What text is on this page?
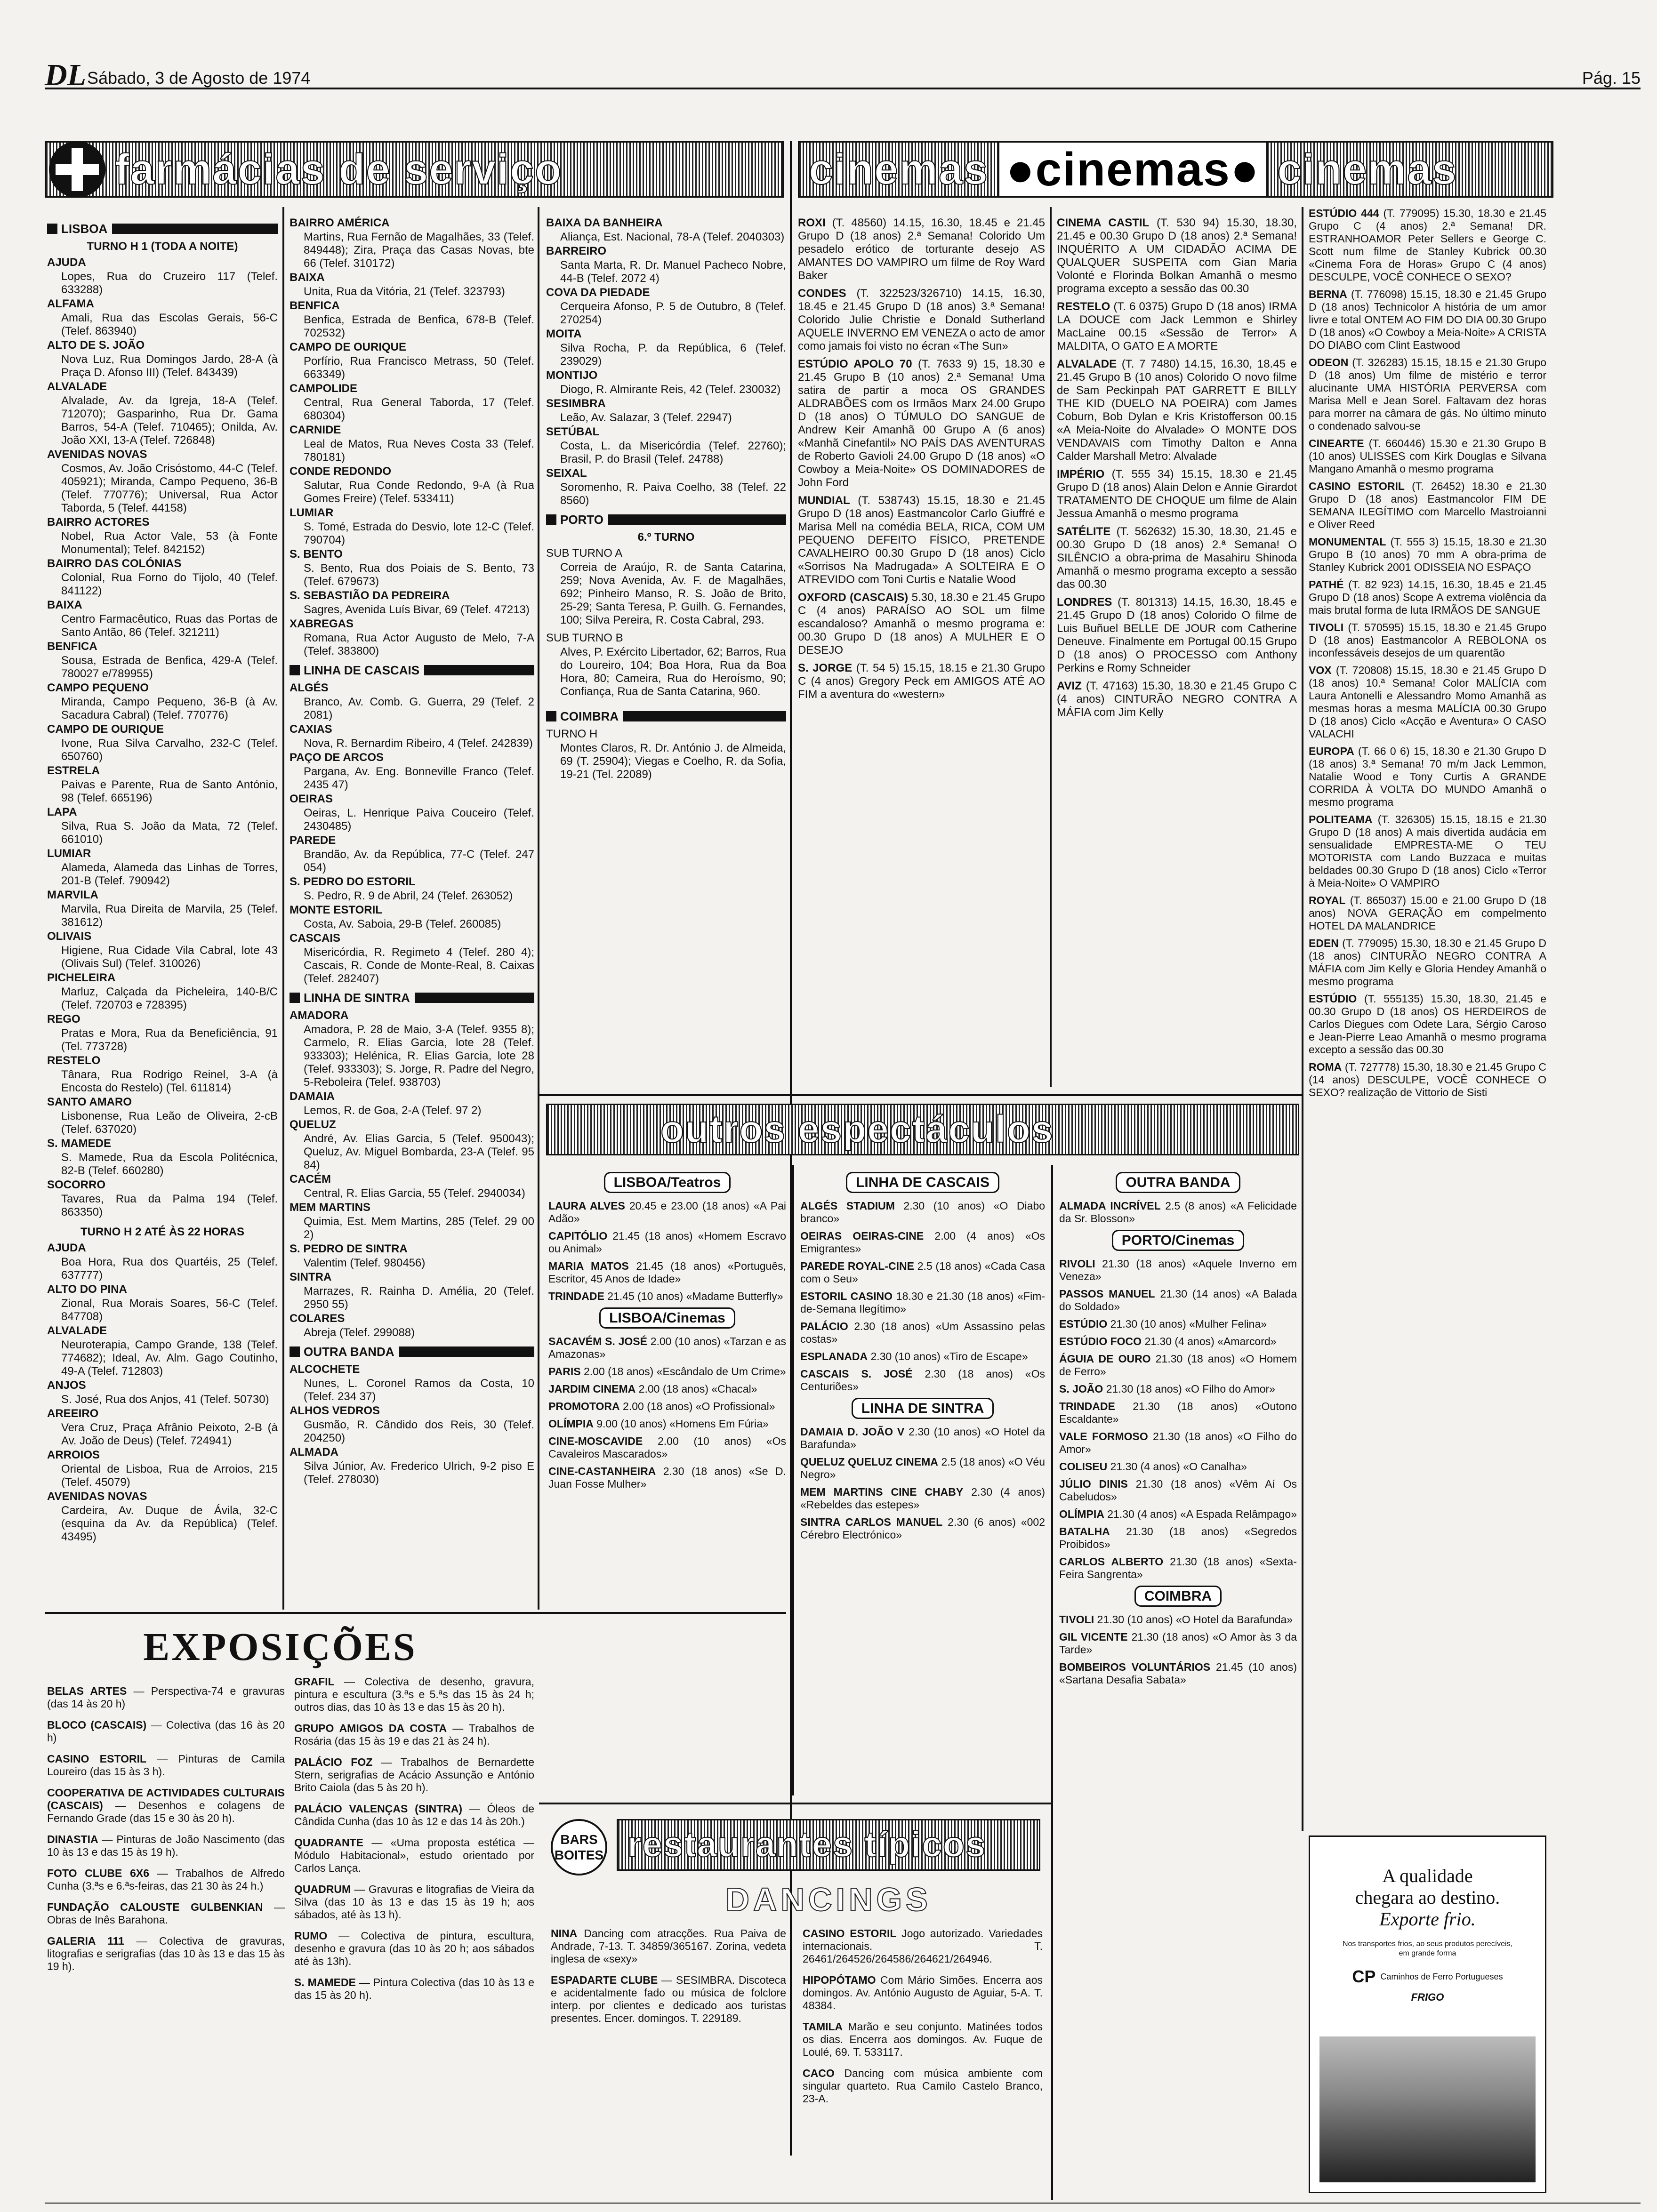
DL Sábado, 3 de Agosto de 1974	Pág. 15
farmácias de serviço	cinemas ●cinemas● cinemas
LISBOA
TURNO H 1 (TODA A NOITE)

AJUDA

Lopes, Rua do Cruzeiro 117 (Telef. 633288)

ALFAMA

Amali, Rua das Escolas Gerais, 56-C (Telef. 863940)

ALTO DE S. JOÃO

Nova Luz, Rua Domingos Jardo, 28-A (à Praça D. Afonso III) (Telef. 843439)

ALVALADE

Alvalade, Av. da Igreja, 18-A (Telef. 712070); Gasparinho, Rua Dr. Gama Barros, 54-A (Telef. 710465); Onilda, Av. João XXI, 13-A (Telef. 726848)

AVENIDAS NOVAS

Cosmos, Av. João Crisóstomo, 44-C (Telef. 405921); Miranda, Campo Pequeno, 36-B (Telef. 770776); Universal, Rua Actor Taborda, 5 (Telef. 44158)

BAIRRO ACTORES

Nobel, Rua Actor Vale, 53 (à Fonte Monumental); Telef. 842152)

BAIRRO DAS COLÓNIAS

Colonial, Rua Forno do Tijolo, 40 (Telef. 841122)

BAIXA

Centro Farmacêutico, Ruas das Portas de Santo Antão, 86 (Telef. 321211)

BENFICA

Sousa, Estrada de Benfica, 429-A (Telef. 780027 e/789955)

CAMPO PEQUENO

Miranda, Campo Pequeno, 36-B (à Av. Sacadura Cabral) (Telef. 770776)

CAMPO DE OURIQUE

Ivone, Rua Silva Carvalho, 232-C (Telef. 650760)

ESTRELA

Paivas e Parente, Rua de Santo António, 98 (Telef. 665196)

LAPA

Silva, Rua S. João da Mata, 72 (Telef. 661010)

LUMIAR

Alameda, Alameda das Linhas de Torres, 201-B (Telef. 790942)

MARVILA

Marvila, Rua Direita de Marvila, 25 (Telef. 381612)

OLIVAIS

Higiene, Rua Cidade Vila Cabral, lote 43 (Olivais Sul) (Telef. 310026)

PICHELEIRA

Marluz, Calçada da Picheleira, 140-B/C (Telef. 720703 e 728395)

REGO

Pratas e Mora, Rua da Beneficiência, 91 (Tel. 773728)

RESTELO

Tânara, Rua Rodrigo Reinel, 3-A (à Encosta do Restelo) (Tel. 611814)

SANTO AMARO

Lisbonense, Rua Leão de Oliveira, 2-cB (Telef. 637020)

S. MAMEDE

S. Mamede, Rua da Escola Politécnica, 82-B (Telef. 660280)

SOCORRO

Tavares, Rua da Palma 194 (Telef. 863350)

TURNO H 2 ATÉ ÀS 22 HORAS

AJUDA

Boa Hora, Rua dos Quartéis, 25 (Telef. 637777)

ALTO DO PINA

Zional, Rua Morais Soares, 56-C (Telef. 847708)

ALVALADE

Neuroterapia, Campo Grande, 138 (Telef. 774682); Ideal, Av. Alm. Gago Coutinho, 49-A (Telef. 712803)

ANJOS

S. José, Rua dos Anjos, 41 (Telef. 50730)

AREEIRO

Vera Cruz, Praça Afrânio Peixoto, 2-B (à Av. João de Deus) (Telef. 724941)

ARROIOS

Oriental de Lisboa, Rua de Arroios, 215 (Telef. 45079)

AVENIDAS NOVAS

Cardeira, Av. Duque de Ávila, 32-C (esquina da Av. da República) (Telef. 43495)

BAIRRO AMÉRICA

Martins, Rua Fernão de Magalhães, 33 (Telef. 849448); Zira, Praça das Casas Novas, bte 66 (Telef. 310172)

BAIXA

Unita, Rua da Vitória, 21 (Telef. 323793)

BENFICA

Benfica, Estrada de Benfica, 678-B (Telef. 702532)

CAMPO DE OURIQUE

Porfírio, Rua Francisco Metrass, 50 (Telef. 663349)

CAMPOLIDE

Central, Rua General Taborda, 17 (Telef. 680304)

CARNIDE

Leal de Matos, Rua Neves Costa 33 (Telef. 780181)

CONDE REDONDO

Salutar, Rua Conde Redondo, 9-A (à Rua Gomes Freire) (Telef. 533411)

LUMIAR

S. Tomé, Estrada do Desvio, lote 12-C (Telef. 790704)

S. BENTO

S. Bento, Rua dos Poiais de S. Bento, 73 (Telef. 679673)

S. SEBASTIÃO DA PEDREIRA

Sagres, Avenida Luís Bivar, 69 (Telef. 47213)

XABREGAS

Romana, Rua Actor Augusto de Melo, 7-A (Telef. 383800)

LINHA DE CASCAIS

ALGÉS

Branco, Av. Comb. G. Guerra, 29 (Telef. 2 2081)

CAXIAS

Nova, R. Bernardim Ribeiro, 4 (Telef. 242839)

PAÇO DE ARCOS

Pargana, Av. Eng. Bonneville Franco (Telef. 2435 47)

OEIRAS

Oeiras, L. Henrique Paiva Couceiro (Telef. 2430485)

PAREDE

Brandão, Av. da República, 77-C (Telef. 247 054)

S. PEDRO DO ESTORIL

S. Pedro, R. 9 de Abril, 24 (Telef. 263052)

MONTE ESTORIL

Costa, Av. Saboia, 29-B (Telef. 260085)

CASCAIS

Misericórdia, R. Regimeto 4 (Telef. 280 4); Cascais, R. Conde de Monte-Real, 8. Caixas (Telef. 282407)

LINHA DE SINTRA

AMADORA

Amadora, P. 28 de Maio, 3-A (Telef. 9355 8); Carmelo, R. Elias Garcia, lote 28 (Telef. 933303); Helénica, R. Elias Garcia, lote 28 (Telef. 933303); S. Jorge, R. Padre del Negro, 5-Reboleira (Telef. 938703)

DAMAIA

Lemos, R. de Goa, 2-A (Telef. 97 2)

QUELUZ

André, Av. Elias Garcia, 5 (Telef. 950043); Queluz, Av. Miguel Bombarda, 23-A (Telef. 95 84)

CACÉM

Central, R. Elias Garcia, 55 (Telef. 2940034)

MEM MARTINS

Quimia, Est. Mem Martins, 285 (Telef. 29 00 2)

S. PEDRO DE SINTRA

Valentim (Telef. 980456)

SINTRA

Marrazes, R. Rainha D. Amélia, 20 (Telef. 2950 55)

COLARES

Abreja (Telef. 299088)

OUTRA BANDA

ALCOCHETE

Nunes, L. Coronel Ramos da Costa, 10 (Telef. 234 37)

ALHOS VEDROS

Gusmão, R. Cândido dos Reis, 30 (Telef. 204250)

ALMADA

Silva Júnior, Av. Frederico Ulrich, 9-2 piso E (Telef. 278030)

BAIXA DA BANHEIRA

Aliança, Est. Nacional, 78-A (Telef. 2040303)

BARREIRO

Santa Marta, R. Dr. Manuel Pacheco Nobre, 44-B (Telef. 2072 4)

COVA DA PIEDADE

Cerqueira Afonso, P. 5 de Outubro, 8 (Telef. 270254)

MOITA

Silva Rocha, P. da República, 6 (Telef. 239029)

MONTIJO

Diogo, R. Almirante Reis, 42 (Telef. 230032)

SESIMBRA

Leão, Av. Salazar, 3 (Telef. 22947)

SETÚBAL

Costa, L. da Misericórdia (Telef. 22760); Brasil, P. do Brasil (Telef. 24788)

SEIXAL

Soromenho, R. Paiva Coelho, 38 (Telef. 22 8560)

PORTO
6.º TURNO

SUB TURNO A

Correia de Araújo, R. de Santa Catarina, 259; Nova Avenida, Av. F. de Magalhães, 692; Pinheiro Manso, R. S. João de Brito, 25-29; Santa Teresa, P. Guilh. G. Fernandes, 100; Silva Pereira, R. Costa Cabral, 293.

SUB TURNO B

Alves, P. Exército Libertador, 62; Barros, Rua do Loureiro, 104; Boa Hora, Rua da Boa Hora, 80; Cameira, Rua do Heroísmo, 90; Confiança, Rua de Santa Catarina, 960.

COIMBRA

TURNO H

Montes Claros, R. Dr. António J. de Almeida, 69 (T. 25904); Viegas e Coelho, R. da Sofia, 19-21 (Tel. 22089)

ROXI (T. 48560) 14.15, 16.30, 18.45 e 21.45 Grupo D (18 anos) 2.ª Semana! Colorido Um pesadelo erótico de torturante desejo AS AMANTES DO VAMPIRO um filme de Roy Ward Baker

CONDES (T. 322523/326710) 14.15, 16.30, 18.45 e 21.45 Grupo D (18 anos) 3.ª Semana! Colorido Julie Christie e Donald Sutherland AQUELE INVERNO EM VENEZA o acto de amor como jamais foi visto no écran «The Sun»

ESTÚDIO APOLO 70 (T. 7633 9) 15, 18.30 e 21.45 Grupo B (10 anos) 2.ª Semana! Uma satira de partir a moca OS GRANDES ALDRABÕES com os Irmãos Marx 24.00 Grupo D (18 anos) O TÚMULO DO SANGUE de Andrew Keir Amanhã 00 Grupo A (6 anos) «Manhã Cinefantil» NO PAÍS DAS AVENTURAS de Roberto Gavioli 24.00 Grupo D (18 anos) «O Cowboy a Meia-Noite» OS DOMINADORES de John Ford

MUNDIAL (T. 538743) 15.15, 18.30 e 21.45 Grupo D (18 anos) Eastmancolor Carlo Giuffré e Marisa Mell na comédia BELA, RICA, COM UM PEQUENO DEFEITO FÍSICO, PRETENDE CAVALHEIRO 00.30 Grupo D (18 anos) Ciclo «Sorrisos Na Madrugada» A SOLTEIRA E O ATREVIDO com Toni Curtis e Natalie Wood

OXFORD (CASCAIS) 5.30, 18.30 e 21.45 Grupo C (4 anos) PARAÍSO AO SOL um filme escandaloso? Amanhã o mesmo programa e: 00.30 Grupo D (18 anos) A MULHER E O DESEJO

S. JORGE (T. 54 5) 15.15, 18.15 e 21.30 Grupo C (4 anos) Gregory Peck em AMIGOS ATÉ AO FIM a aventura do «western»

CINEMA CASTIL (T. 530 94) 15.30, 18.30, 21.45 e 00.30 Grupo D (18 anos) 2.ª Semana! INQUÉRITO A UM CIDADÃO ACIMA DE QUALQUER SUSPEITA com Gian Maria Volonté e Florinda Bolkan Amanhã o mesmo programa excepto a sessão das 00.30

RESTELO (T. 6 0375) Grupo D (18 anos) IRMA LA DOUCE com Jack Lemmon e Shirley MacLaine 00.15 «Sessão de Terror» A MALDITA, O GATO E A MORTE

ALVALADE (T. 7 7480) 14.15, 16.30, 18.45 e 21.45 Grupo B (10 anos) Colorido O novo filme de Sam Peckinpah PAT GARRETT E BILLY THE KID (DUELO NA POEIRA) com James Coburn, Bob Dylan e Kris Kristofferson 00.15 «A Meia-Noite do Alvalade» O MONTE DOS VENDAVAIS com Timothy Dalton e Anna Calder Marshall Metro: Alvalade

IMPÉRIO (T. 555 34) 15.15, 18.30 e 21.45 Grupo D (18 anos) Alain Delon e Annie Girardot TRATAMENTO DE CHOQUE um filme de Alain Jessua Amanhã o mesmo programa

SATÉLITE (T. 562632) 15.30, 18.30, 21.45 e 00.30 Grupo D (18 anos) 2.ª Semana! O SILÊNCIO a obra-prima de Masahiru Shinoda Amanhã o mesmo programa excepto a sessão das 00.30

LONDRES (T. 801313) 14.15, 16.30, 18.45 e 21.45 Grupo D (18 anos) Colorido O filme de Luis Buñuel BELLE DE JOUR com Catherine Deneuve. Finalmente em Portugal 00.15 Grupo D (18 anos) O PROCESSO com Anthony Perkins e Romy Schneider

AVIZ (T. 47163) 15.30, 18.30 e 21.45 Grupo C (4 anos) CINTURÃO NEGRO CONTRA A MÁFIA com Jim Kelly

ESTÚDIO 444 (T. 779095) 15.30, 18.30 e 21.45 Grupo C (4 anos) 2.ª Semana! DR. ESTRANHOAMOR Peter Sellers e George C. Scott num filme de Stanley Kubrick 00.30 «Cinema Fora de Horas» Grupo C (4 anos) DESCULPE, VOCÊ CONHECE O SEXO?

BERNA (T. 776098) 15.15, 18.30 e 21.45 Grupo D (18 anos) Technicolor A história de um amor livre e total ONTEM AO FIM DO DIA 00.30 Grupo D (18 anos) «O Cowboy a Meia-Noite» A CRISTA DO DIABO com Clint Eastwood

ODEON (T. 326283) 15.15, 18.15 e 21.30 Grupo D (18 anos) Um filme de mistério e terror alucinante UMA HISTÓRIA PERVERSA com Marisa Mell e Jean Sorel. Faltavam dez horas para morrer na câmara de gás. No último minuto o condenado salvou-se

CINEARTE (T. 660446) 15.30 e 21.30 Grupo B (10 anos) ULISSES com Kirk Douglas e Silvana Mangano Amanhã o mesmo programa

CASINO ESTORIL (T. 26452) 18.30 e 21.30 Grupo D (18 anos) Eastmancolor FIM DE SEMANA ILEGÍTIMO com Marcello Mastroianni e Oliver Reed

MONUMENTAL (T. 555 3) 15.15, 18.30 e 21.30 Grupo B (10 anos) 70 mm A obra-prima de Stanley Kubrick 2001 ODISSEIA NO ESPAÇO

PATHÉ (T. 82 923) 14.15, 16.30, 18.45 e 21.45 Grupo D (18 anos) Scope A extrema violência da mais brutal forma de luta IRMÃOS DE SANGUE

TIVOLI (T. 570595) 15.15, 18.30 e 21.45 Grupo D (18 anos) Eastmancolor A REBOLONA os inconfessáveis desejos de um quarentão

VOX (T. 720808) 15.15, 18.30 e 21.45 Grupo D (18 anos) 10.ª Semana! Color MALÍCIA com Laura Antonelli e Alessandro Momo Amanhã as mesmas horas a mesma MALÍCIA 00.30 Grupo D (18 anos) Ciclo «Acção e Aventura» O CASO VALACHI

EUROPA (T. 66 0 6) 15, 18.30 e 21.30 Grupo D (18 anos) 3.ª Semana! 70 m/m Jack Lemmon, Natalie Wood e Tony Curtis A GRANDE CORRIDA À VOLTA DO MUNDO Amanhã o mesmo programa

POLITEAMA (T. 326305) 15.15, 18.15 e 21.30 Grupo D (18 anos) A mais divertida audácia em sensualidade EMPRESTA-ME O TEU MOTORISTA com Lando Buzzaca e muitas beldades 00.30 Grupo D (18 anos) Ciclo «Terror à Meia-Noite» O VAMPIRO

ROYAL (T. 865037) 15.00 e 21.00 Grupo D (18 anos) NOVA GERAÇÃO em compelmento HOTEL DA MALANDRICE

EDEN (T. 779095) 15.30, 18.30 e 21.45 Grupo D (18 anos) CINTURÃO NEGRO CONTRA A MÁFIA com Jim Kelly e Gloria Hendey Amanhã o mesmo programa

ESTÚDIO (T. 555135) 15.30, 18.30, 21.45 e 00.30 Grupo D (18 anos) OS HERDEIROS de Carlos Diegues com Odete Lara, Sérgio Caroso e Jean-Pierre Leao Amanhã o mesmo programa excepto a sessão das 00.30

ROMA (T. 727778) 15.30, 18.30 e 21.45 Grupo C (14 anos) DESCULPE, VOCÊ CONHECE O SEXO? realização de Vittorio de Sisti

outros espectáculos
LISBOA/Teatros

LAURA ALVES 20.45 e 23.00 (18 anos) «A Pai Adão»

CAPITÓLIO 21.45 (18 anos) «Homem Escravo ou Animal»

MARIA MATOS 21.45 (18 anos) «Português, Escritor, 45 Anos de Idade»

TRINDADE 21.45 (10 anos) «Madame Butterfly»

LISBOA/Cinemas

SACAVÉM S. JOSÉ 2.00 (10 anos) «Tarzan e as Amazonas»

PARIS 2.00 (18 anos) «Escândalo de Um Crime»

JARDIM CINEMA 2.00 (18 anos) «Chacal»

PROMOTORA 2.00 (18 anos) «O Profissional»

OLÍMPIA 9.00 (10 anos) «Homens Em Fúria»

CINE-MOSCAVIDE 2.00 (10 anos) «Os Cavaleiros Mascarados»

CINE-CASTANHEIRA 2.30 (18 anos) «Se D. Juan Fosse Mulher»

LINHA DE CASCAIS

ALGÉS STADIUM 2.30 (10 anos) «O Diabo branco»

OEIRAS OEIRAS-CINE 2.00 (4 anos) «Os Emigrantes»

PAREDE ROYAL-CINE 2.5 (18 anos) «Cada Casa com o Seu»

ESTORIL CASINO 18.30 e 21.30 (18 anos) «Fim-de-Semana Ilegítimo»

PALÁCIO 2.30 (18 anos) «Um Assassino pelas costas»

ESPLANADA 2.30 (10 anos) «Tiro de Escape»

CASCAIS S. JOSÉ 2.30 (18 anos) «Os Centuriões»

LINHA DE SINTRA

DAMAIA D. JOÃO V 2.30 (10 anos) «O Hotel da Barafunda»

QUELUZ QUELUZ CINEMA 2.5 (18 anos) «O Véu Negro»

MEM MARTINS CINE CHABY 2.30 (4 anos) «Rebeldes das estepes»

SINTRA CARLOS MANUEL 2.30 (6 anos) «002 Cérebro Electrónico»

OUTRA BANDA

ALMADA INCRÍVEL 2.5 (8 anos) «A Felicidade da Sr. Blosson»

PORTO/Cinemas

RIVOLI 21.30 (18 anos) «Aquele Inverno em Veneza»

PASSOS MANUEL 21.30 (14 anos) «A Balada do Soldado»

ESTÚDIO 21.30 (10 anos) «Mulher Felina»

ESTÚDIO FOCO 21.30 (4 anos) «Amarcord»

ÁGUIA DE OURO 21.30 (18 anos) «O Homem de Ferro»

S. JOÃO 21.30 (18 anos) «O Filho do Amor»

TRINDADE 21.30 (18 anos) «Outono Escaldante»

VALE FORMOSO 21.30 (18 anos) «O Filho do Amor»

COLISEU 21.30 (4 anos) «O Canalha»

JÚLIO DINIS 21.30 (18 anos) «Vêm Aí Os Cabeludos»

OLÍMPIA 21.30 (4 anos) «A Espada Relâmpago»

BATALHA 21.30 (18 anos) «Segredos Proibidos»

CARLOS ALBERTO 21.30 (18 anos) «Sexta-Feira Sangrenta»

COIMBRA

TIVOLI 21.30 (10 anos) «O Hotel da Barafunda»

GIL VICENTE 21.30 (18 anos) «O Amor às 3 da Tarde»

BOMBEIROS VOLUNTÁRIOS 21.45 (10 anos) «Sartana Desafia Sabata»

EXPOSIÇÕES

BELAS ARTES — Perspectiva-74 e gravuras (das 14 às 20 h)

BLOCO (CASCAIS) — Colectiva (das 16 às 20 h)

CASINO ESTORIL — Pinturas de Camila Loureiro (das 15 às 3 h).

COOPERATIVA DE ACTIVIDADES CULTURAIS (CASCAIS) — Desenhos e colagens de Fernando Grade (das 15 e 30 às 20 h).

DINASTIA — Pinturas de João Nascimento (das 10 às 13 e das 15 às 19 h).

FOTO CLUBE 6X6 — Trabalhos de Alfredo Cunha (3.ªs e 6.ªs-feiras, das 21 30 às 24 h.)

FUNDAÇÃO CALOUSTE GULBENKIAN — Obras de Inês Barahona.

GALERIA 111 — Colectiva de gravuras, litografias e serigrafias (das 10 às 13 e das 15 às 19 h).

GRAFIL — Colectiva de desenho, gravura, pintura e escultura (3.ªs e 5.ªs das 15 às 24 h; outros dias, das 10 às 13 e das 15 às 20 h).

GRUPO AMIGOS DA COSTA — Trabalhos de Rosária (das 15 às 19 e das 21 às 24 h).

PALÁCIO FOZ — Trabalhos de Bernardette Stern, serigrafias de Acácio Assunção e António Brito Caiola (das 5 às 20 h).

PALÁCIO VALENÇAS (SINTRA) — Óleos de Cândida Cunha (das 10 às 12 e das 14 às 20h.)

QUADRANTE — «Uma proposta estética — Módulo Habitacional», estudo orientado por Carlos Lança.

QUADRUM — Gravuras e litografias de Vieira da Silva (das 10 às 13 e das 15 às 19 h; aos sábados, até às 13 h).

RUMO — Colectiva de pintura, escultura, desenho e gravura (das 10 às 20 h; aos sábados até às 13h).

S. MAMEDE — Pintura Colectiva (das 10 às 13 e das 15 às 20 h).

BARS
BOITES restaurantes típicos
DANCINGS

NINA Dancing com atracções. Rua Paiva de Andrade, 7-13. T. 34859/365167. Zorina, vedeta inglesa de «sexy»

ESPADARTE CLUBE — SESIMBRA. Discoteca e acidentalmente fado ou música de folclore interp. por clientes e dedicado aos turistas presentes. Encer. domingos. T. 229189.

CASINO ESTORIL Jogo autorizado. Variedades internacionais. T. 26461/264526/264586/264621/264946.

HIPOPÓTAMO Com Mário Simões. Encerra aos domingos. Av. António Augusto de Aguiar, 5-A. T. 48384.

TAMILA Marão e seu conjunto. Matinées todos os dias. Encerra aos domingos. Av. Fuque de Loulé, 69. T. 533117.

CACO Dancing com música ambiente com singular quarteto. Rua Camilo Castelo Branco, 23-A.

A qualidade
chegara ao destino.
Exporte frio.
Nos transportes frios, ao seus produtos perecíveis, em grande forma
CP Caminhos de Ferro Portugueses
FRIGO
